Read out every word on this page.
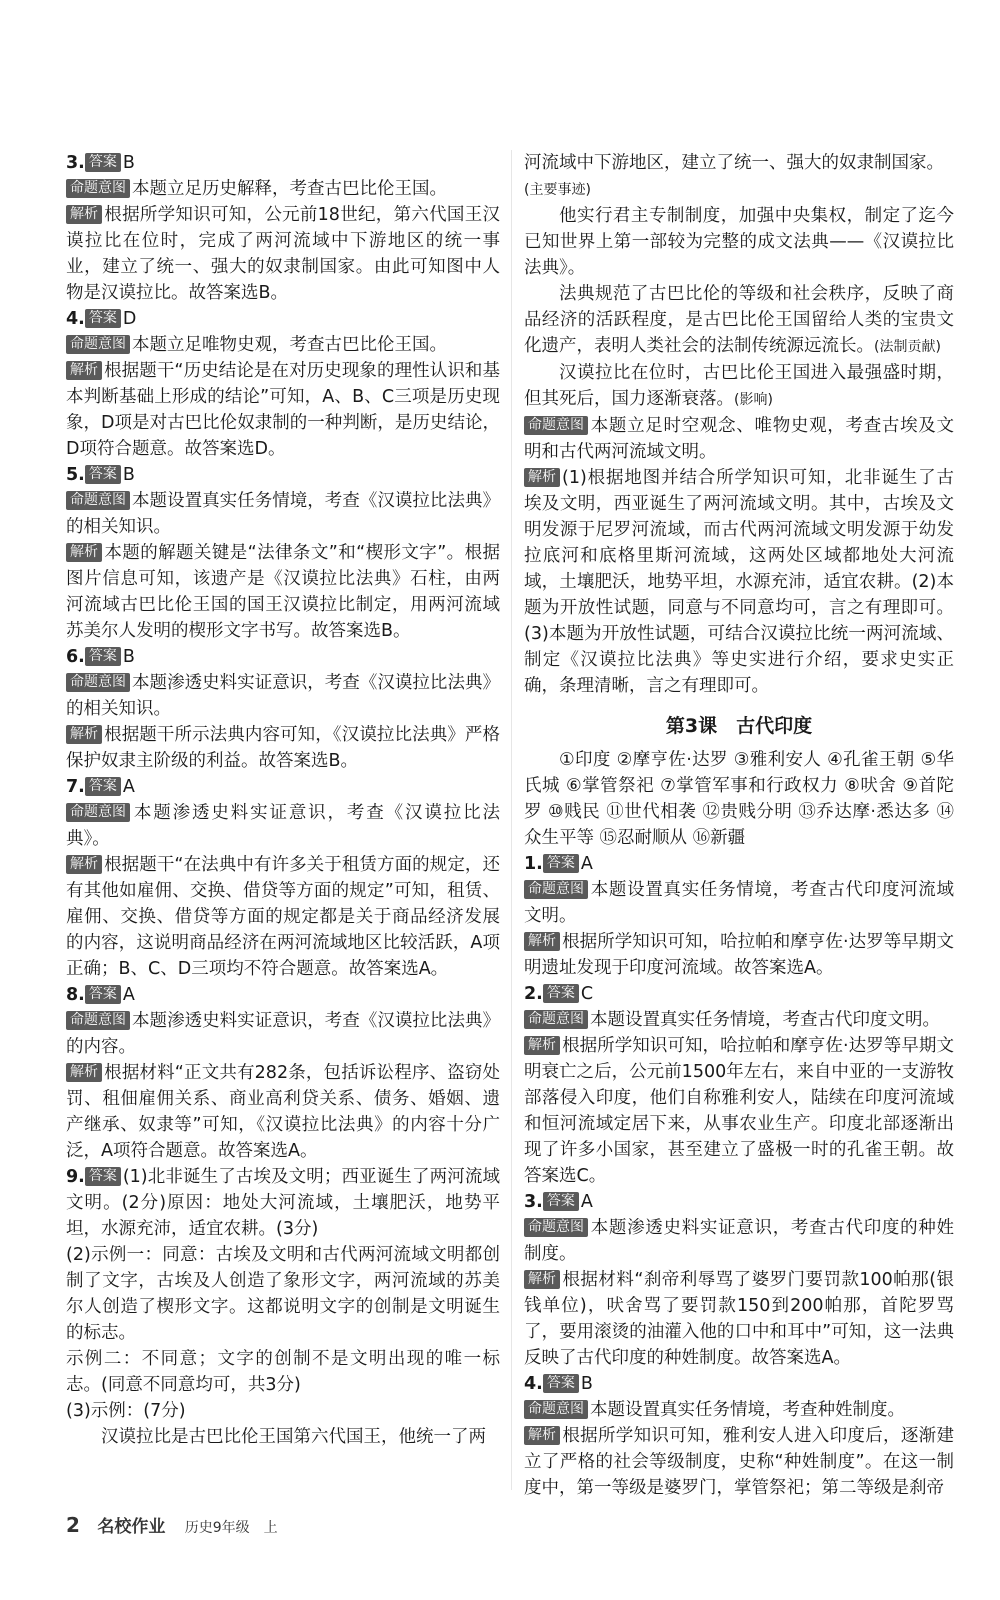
3. 答案 B

命题意图 本题立足历史解释，考查古巴比伦王国。

解析 根据所学知识可知，公元前18世纪，第六代国王汉谟拉比在位时，完成了两河流域中下游地区的统一事业，建立了统一、强大的奴隶制国家。由此可知图中人物是汉谟拉比。故答案选B。

4. 答案 D

命题意图 本题立足唯物史观，考查古巴比伦王国。

解析 根据题干“历史结论是在对历史现象的理性认识和基本判断基础上形成的结论”可知，A、B、C三项是历史现象，D项是对古巴比伦奴隶制的一种判断，是历史结论，D项符合题意。故答案选D。

5. 答案 B

命题意图 本题设置真实任务情境，考查《汉谟拉比法典》的相关知识。

解析 本题的解题关键是“法律条文”和“楔形文字”。根据图片信息可知，该遗产是《汉谟拉比法典》石柱，由两河流域古巴比伦王国的国王汉谟拉比制定，用两河流域苏美尔人发明的楔形文字书写。故答案选B。

6. 答案 B

命题意图 本题渗透史料实证意识，考查《汉谟拉比法典》的相关知识。

解析 根据题干所示法典内容可知，《汉谟拉比法典》严格保护奴隶主阶级的利益。故答案选B。

7. 答案 A

命题意图 本题渗透史料实证意识，考查《汉谟拉比法典》。

解析 根据题干“在法典中有许多关于租赁方面的规定，还有其他如雇佣、交换、借贷等方面的规定”可知，租赁、雇佣、交换、借贷等方面的规定都是关于商品经济发展的内容，这说明商品经济在两河流域地区比较活跃，A项正确；B、C、D三项均不符合题意。故答案选A。

8. 答案 A

命题意图 本题渗透史料实证意识，考查《汉谟拉比法典》的内容。

解析 根据材料“正文共有282条，包括诉讼程序、盗窃处罚、租佃雇佣关系、商业高利贷关系、债务、婚姻、遗产继承、奴隶等”可知，《汉谟拉比法典》的内容十分广泛，A项符合题意。故答案选A。

9. 答案 (1)北非诞生了古埃及文明；西亚诞生了两河流域文明。(2分)原因：地处大河流域，土壤肥沃，地势平坦，水源充沛，适宜农耕。(3分)

(2)示例一：同意：古埃及文明和古代两河流域文明都创制了文字，古埃及人创造了象形文字，两河流域的苏美尔人创造了楔形文字。这都说明文字的创制是文明诞生的标志。

示例二：不同意；文字的创制不是文明出现的唯一标志。(同意不同意均可，共3分)

(3)示例：(7分)

汉谟拉比是古巴比伦王国第六代国王，他统一了两

河流域中下游地区，建立了统一、强大的奴隶制国家。

(主要事迹)

他实行君主专制制度，加强中央集权，制定了迄今已知世界上第一部较为完整的成文法典——《汉谟拉比法典》。

法典规范了古巴比伦的等级和社会秩序，反映了商品经济的活跃程度，是古巴比伦王国留给人类的宝贵文化遗产，表明人类社会的法制传统源远流长。(法制贡献)

汉谟拉比在位时，古巴比伦王国进入最强盛时期，但其死后，国力逐渐衰落。(影响)

命题意图 本题立足时空观念、唯物史观，考查古埃及文明和古代两河流域文明。

解析 (1)根据地图并结合所学知识可知，北非诞生了古埃及文明，西亚诞生了两河流域文明。其中，古埃及文明发源于尼罗河流域，而古代两河流域文明发源于幼发拉底河和底格里斯河流域，这两处区域都地处大河流域，土壤肥沃，地势平坦，水源充沛，适宜农耕。(2)本题为开放性试题，同意与不同意均可，言之有理即可。(3)本题为开放性试题，可结合汉谟拉比统一两河流域、制定《汉谟拉比法典》等史实进行介绍，要求史实正确，条理清晰，言之有理即可。

第3课　古代印度

①印度 ②摩亨佐·达罗 ③雅利安人 ④孔雀王朝 ⑤华氏城 ⑥掌管祭祀 ⑦掌管军事和行政权力 ⑧吠舍 ⑨首陀罗 ⑩贱民 ⑪世代相袭 ⑫贵贱分明 ⑬乔达摩·悉达多 ⑭众生平等 ⑮忍耐顺从 ⑯新疆

1. 答案 A

命题意图 本题设置真实任务情境，考查古代印度河流域文明。

解析 根据所学知识可知，哈拉帕和摩亨佐·达罗等早期文明遗址发现于印度河流域。故答案选A。

2. 答案 C

命题意图 本题设置真实任务情境，考查古代印度文明。

解析 根据所学知识可知，哈拉帕和摩亨佐·达罗等早期文明衰亡之后，公元前1500年左右，来自中亚的一支游牧部落侵入印度，他们自称雅利安人，陆续在印度河流域和恒河流域定居下来，从事农业生产。印度北部逐渐出现了许多小国家，甚至建立了盛极一时的孔雀王朝。故答案选C。

3. 答案 A

命题意图 本题渗透史料实证意识，考查古代印度的种姓制度。

解析 根据材料“刹帝利辱骂了婆罗门要罚款100帕那(银钱单位)，吠舍骂了要罚款150到200帕那，首陀罗骂了，要用滚烫的油灌入他的口中和耳中”可知，这一法典反映了古代印度的种姓制度。故答案选A。

4. 答案 B

命题意图 本题设置真实任务情境，考查种姓制度。

解析 根据所学知识可知，雅利安人进入印度后，逐渐建立了严格的社会等级制度，史称“种姓制度”。在这一制度中，第一等级是婆罗门，掌管祭祀；第二等级是刹帝

2 名校作业 历史9年级　上
